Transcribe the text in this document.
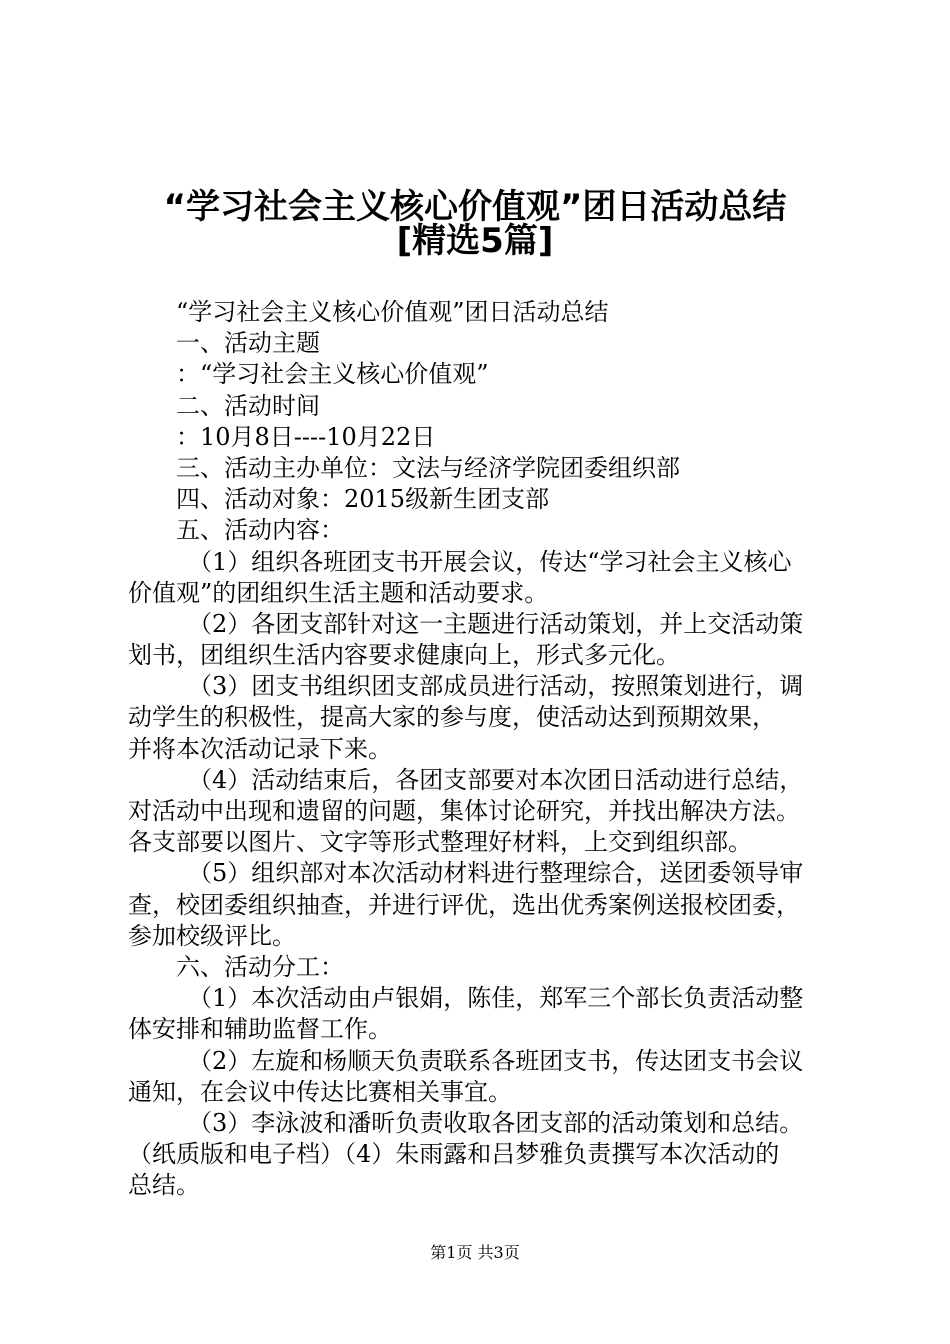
“学习社会主义核心价值观”团日活动总结
[精选5篇]
“学习社会主义核心价值观”团日活动总结
一、活动主题
：“学习社会主义核心价值观”
二、活动时间
：10月8日----10月22日
三、活动主办单位：文法与经济学院团委组织部
四、活动对象：2015级新生团支部
五、活动内容：
（1）组织各班团支书开展会议，传达“学习社会主义核心
价值观”的团组织生活主题和活动要求。
（2）各团支部针对这一主题进行活动策划，并上交活动策
划书，团组织生活内容要求健康向上，形式多元化。
（3）团支书组织团支部成员进行活动，按照策划进行，调
动学生的积极性，提高大家的参与度，使活动达到预期效果，
并将本次活动记录下来。
（4）活动结束后，各团支部要对本次团日活动进行总结，
对活动中出现和遗留的问题，集体讨论研究，并找出解决方法。
各支部要以图片、文字等形式整理好材料，上交到组织部。
（5）组织部对本次活动材料进行整理综合，送团委领导审
查，校团委组织抽查，并进行评优，选出优秀案例送报校团委，
参加校级评比。
六、活动分工：
（1）本次活动由卢银娟，陈佳，郑军三个部长负责活动整
体安排和辅助监督工作。
（2）左旋和杨顺天负责联系各班团支书，传达团支书会议
通知，在会议中传达比赛相关事宜。
（3）李泳波和潘昕负责收取各团支部的活动策划和总结。
（纸质版和电子档）（4）朱雨露和吕梦雅负责撰写本次活动的
总结。
第1页 共3页
